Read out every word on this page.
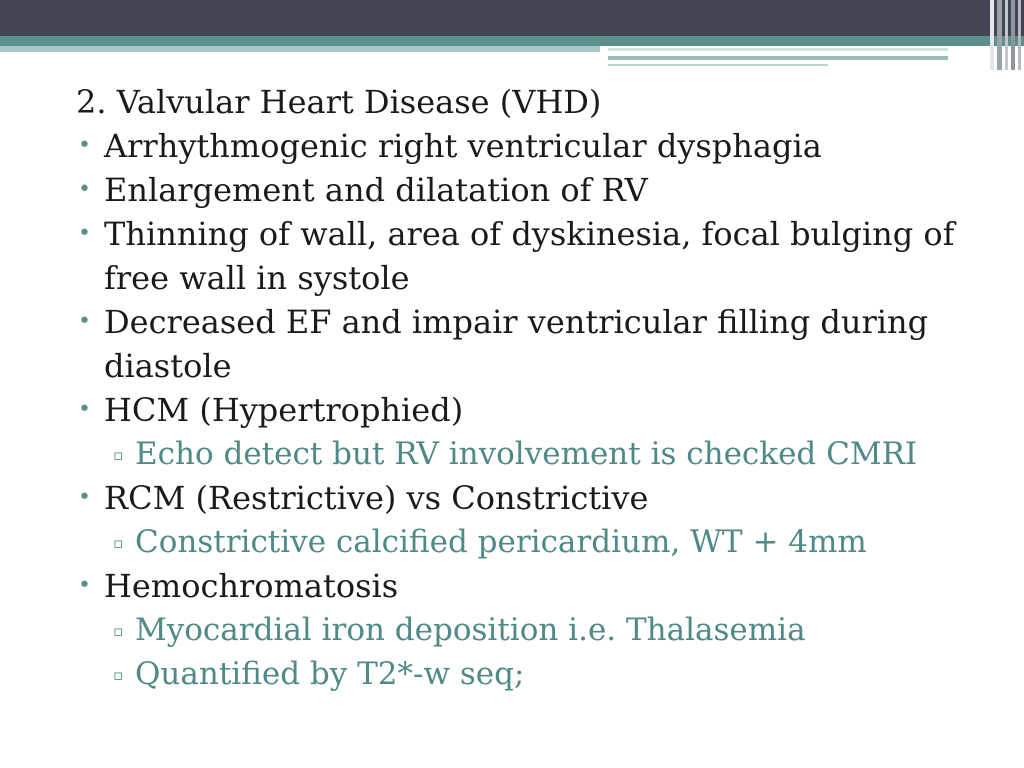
2. Valvular Heart Disease (VHD)

• Arrhythmogenic right ventricular dysphagia
• Enlargement and dilatation of RV
• Thinning of wall, area of dyskinesia, focal bulging of free wall in systole
• Decreased EF and impair ventricular filling during diastole
• HCM (Hypertrophied)
▫ Echo detect but RV involvement is checked CMRI
• RCM (Restrictive) vs Constrictive
▫ Constrictive calcified pericardium, WT + 4mm
• Hemochromatosis
▫ Myocardial iron deposition i.e. Thalasemia
▫ Quantified by T2*-w seq;
